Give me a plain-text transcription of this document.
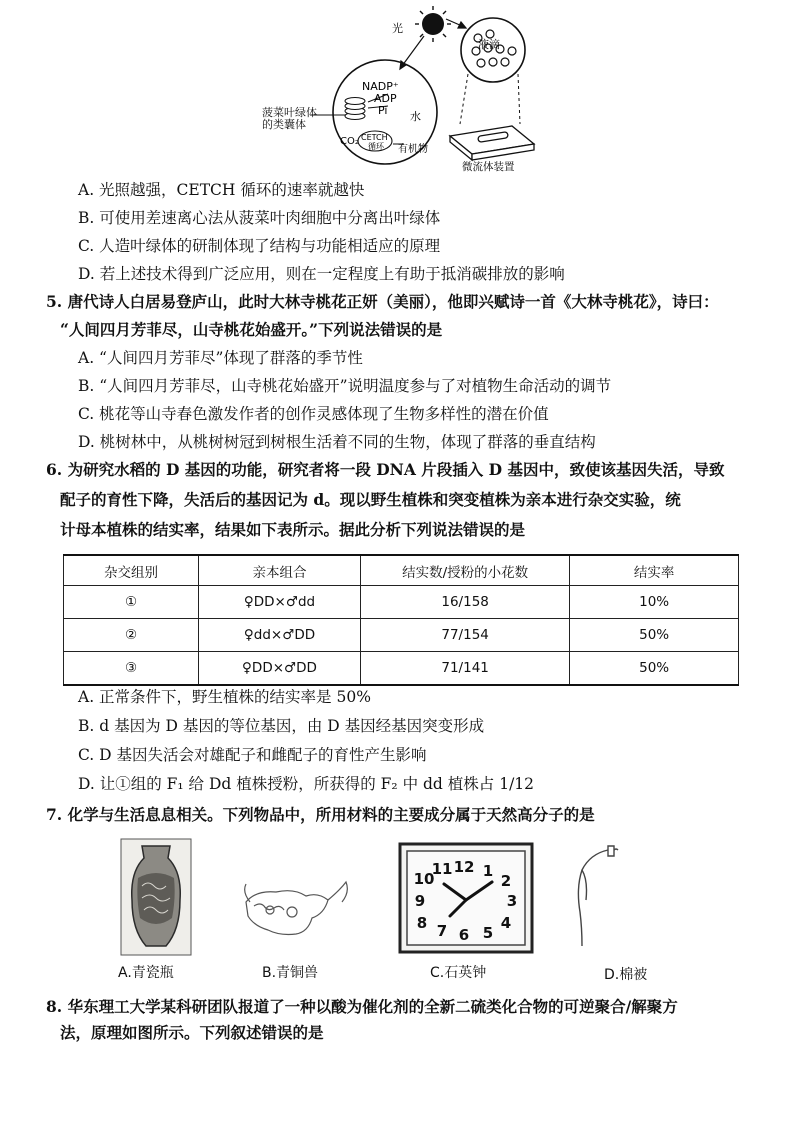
光
液滴
NADP⁺
ADP
Pi 水
CO₂ CETCH
循环 有机物
微流体装置
菠菜叶绿体
的类囊体
A. 光照越强，CETCH 循环的速率就越快
B. 可使用差速离心法从菠菜叶肉细胞中分离出叶绿体
C. 人造叶绿体的研制体现了结构与功能相适应的原理
D. 若上述技术得到广泛应用，则在一定程度上有助于抵消碳排放的影响
5. 唐代诗人白居易登庐山，此时大林寺桃花正妍（美丽），他即兴赋诗一首《大林寺桃花》，诗曰：
“人间四月芳菲尽，山寺桃花始盛开。”下列说法错误的是
A. “人间四月芳菲尽”体现了群落的季节性
B. “人间四月芳菲尽，山寺桃花始盛开”说明温度参与了对植物生命活动的调节
C. 桃花等山寺春色激发作者的创作灵感体现了生物多样性的潜在价值
D. 桃树林中，从桃树树冠到树根生活着不同的生物，体现了群落的垂直结构
6. 为研究水稻的 D 基因的功能，研究者将一段 DNA 片段插入 D 基因中，致使该基因失活，导致
配子的育性下降，失活后的基因记为 d。现以野生植株和突变植株为亲本进行杂交实验，统
计母本植株的结实率，结果如下表所示。据此分析下列说法错误的是
杂交组别	亲本组合	结实数/授粉的小花数	结实率
①	♀DD×♂dd	16/158	10%
②	♀dd×♂DD	77/154	50%
③	♀DD×♂DD	71/141	50%
A. 正常条件下，野生植株的结实率是 50%
B. d 基因为 D 基因的等位基因，由 D 基因经基因突变形成
C. D 基因失活会对雄配子和雌配子的育性产生影响
D. 让①组的 F₁ 给 Dd 植株授粉，所获得的 F₂ 中 dd 植株占 1/12
7. 化学与生活息息相关。下列物品中，所用材料的主要成分属于天然高分子的是
12 1
2
3
4
5
6
7
8
9
10
11
A.青瓷瓶	B.青铜兽	C.石英钟	D.棉被
8. 华东理工大学某科研团队报道了一种以酸为催化剂的全新二硫类化合物的可逆聚合/解聚方
法，原理如图所示。下列叙述错误的是
